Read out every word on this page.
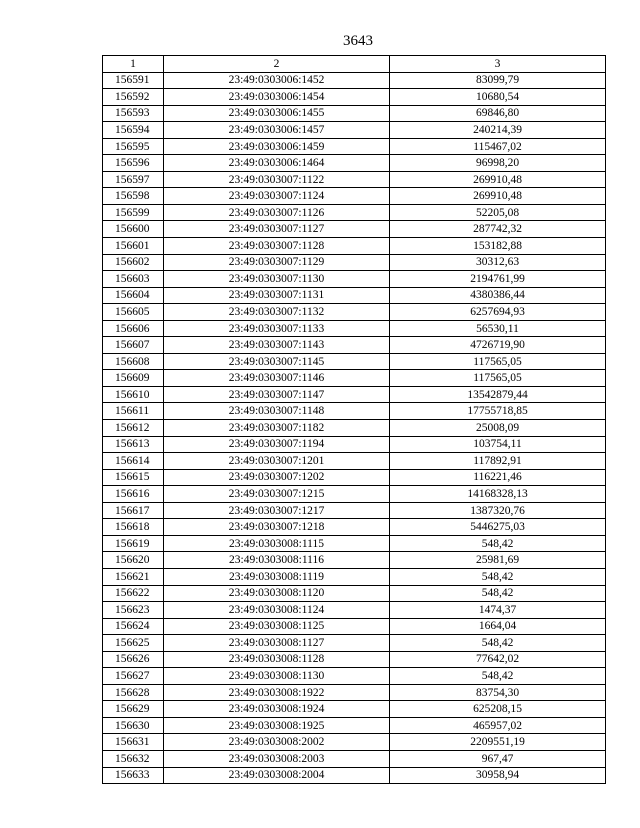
3643
1	2	3
156591	23:49:0303006:1452	83099,79
156592	23:49:0303006:1454	10680,54
156593	23:49:0303006:1455	69846,80
156594	23:49:0303006:1457	240214,39
156595	23:49:0303006:1459	115467,02
156596	23:49:0303006:1464	96998,20
156597	23:49:0303007:1122	269910,48
156598	23:49:0303007:1124	269910,48
156599	23:49:0303007:1126	52205,08
156600	23:49:0303007:1127	287742,32
156601	23:49:0303007:1128	153182,88
156602	23:49:0303007:1129	30312,63
156603	23:49:0303007:1130	2194761,99
156604	23:49:0303007:1131	4380386,44
156605	23:49:0303007:1132	6257694,93
156606	23:49:0303007:1133	56530,11
156607	23:49:0303007:1143	4726719,90
156608	23:49:0303007:1145	117565,05
156609	23:49:0303007:1146	117565,05
156610	23:49:0303007:1147	13542879,44
156611	23:49:0303007:1148	17755718,85
156612	23:49:0303007:1182	25008,09
156613	23:49:0303007:1194	103754,11
156614	23:49:0303007:1201	117892,91
156615	23:49:0303007:1202	116221,46
156616	23:49:0303007:1215	14168328,13
156617	23:49:0303007:1217	1387320,76
156618	23:49:0303007:1218	5446275,03
156619	23:49:0303008:1115	548,42
156620	23:49:0303008:1116	25981,69
156621	23:49:0303008:1119	548,42
156622	23:49:0303008:1120	548,42
156623	23:49:0303008:1124	1474,37
156624	23:49:0303008:1125	1664,04
156625	23:49:0303008:1127	548,42
156626	23:49:0303008:1128	77642,02
156627	23:49:0303008:1130	548,42
156628	23:49:0303008:1922	83754,30
156629	23:49:0303008:1924	625208,15
156630	23:49:0303008:1925	465957,02
156631	23:49:0303008:2002	2209551,19
156632	23:49:0303008:2003	967,47
156633	23:49:0303008:2004	30958,94
